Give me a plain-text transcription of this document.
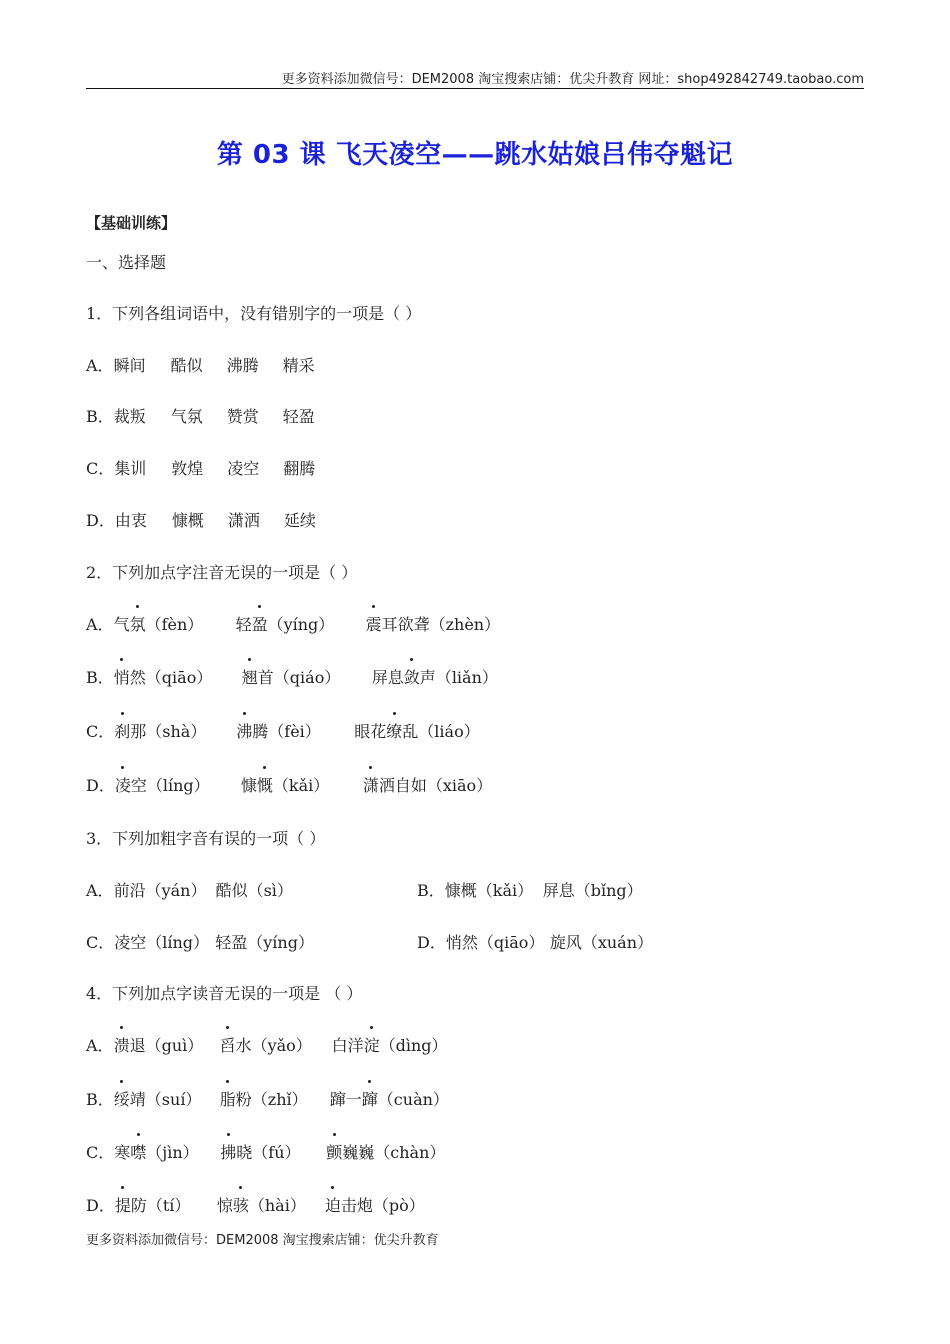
更多资料添加微信号：DEM2008 淘宝搜索店铺：优尖升教育 网址：shop492842749.taobao.com
第 03 课 飞天凌空——跳水姑娘吕伟夺魁记
【基础训练】
一、选择题
1．下列各组词语中，没有错别字的一项是（ ）
A．瞬间 酷似 沸腾 精采
B．裁叛 气氛 赞赏 轻盈
C．集训 敦煌 凌空 翻腾
D．由衷 慷概 潇洒 延续
2．下列加点字注音无误的一项是（ ）
A．气氛（fèn） 轻盈（yíng） 震耳欲聋（zhèn）
B．悄然（qiāo） 翘首（qiáo） 屏息敛声（liǎn）
C．刹那（shà） 沸腾（fèi） 眼花缭乱（liáo）
D．凌空（líng） 慷慨（kǎi） 潇洒自如（xiāo）
3．下列加粗字音有误的一项（ ）
A．前沿（yán） 酷似（sì）	B．慷概（kǎi） 屏息（bǐng）
C．凌空（líng） 轻盈（yíng）	D．悄然（qiāo） 旋风（xuán）
4．下列加点字读音无误的一项是 （ ）
A．溃退（guì） 舀水（yǎo） 白洋淀（dìng）
B．绥靖（suí） 脂粉（zhǐ） 蹿一蹿（cuàn）
C．寒噤（jìn） 拂晓（fú） 颤巍巍（chàn）
D．提防（tí） 惊骇（hài） 迫击炮（pò）
更多资料添加微信号：DEM2008 淘宝搜索店铺：优尖升教育
